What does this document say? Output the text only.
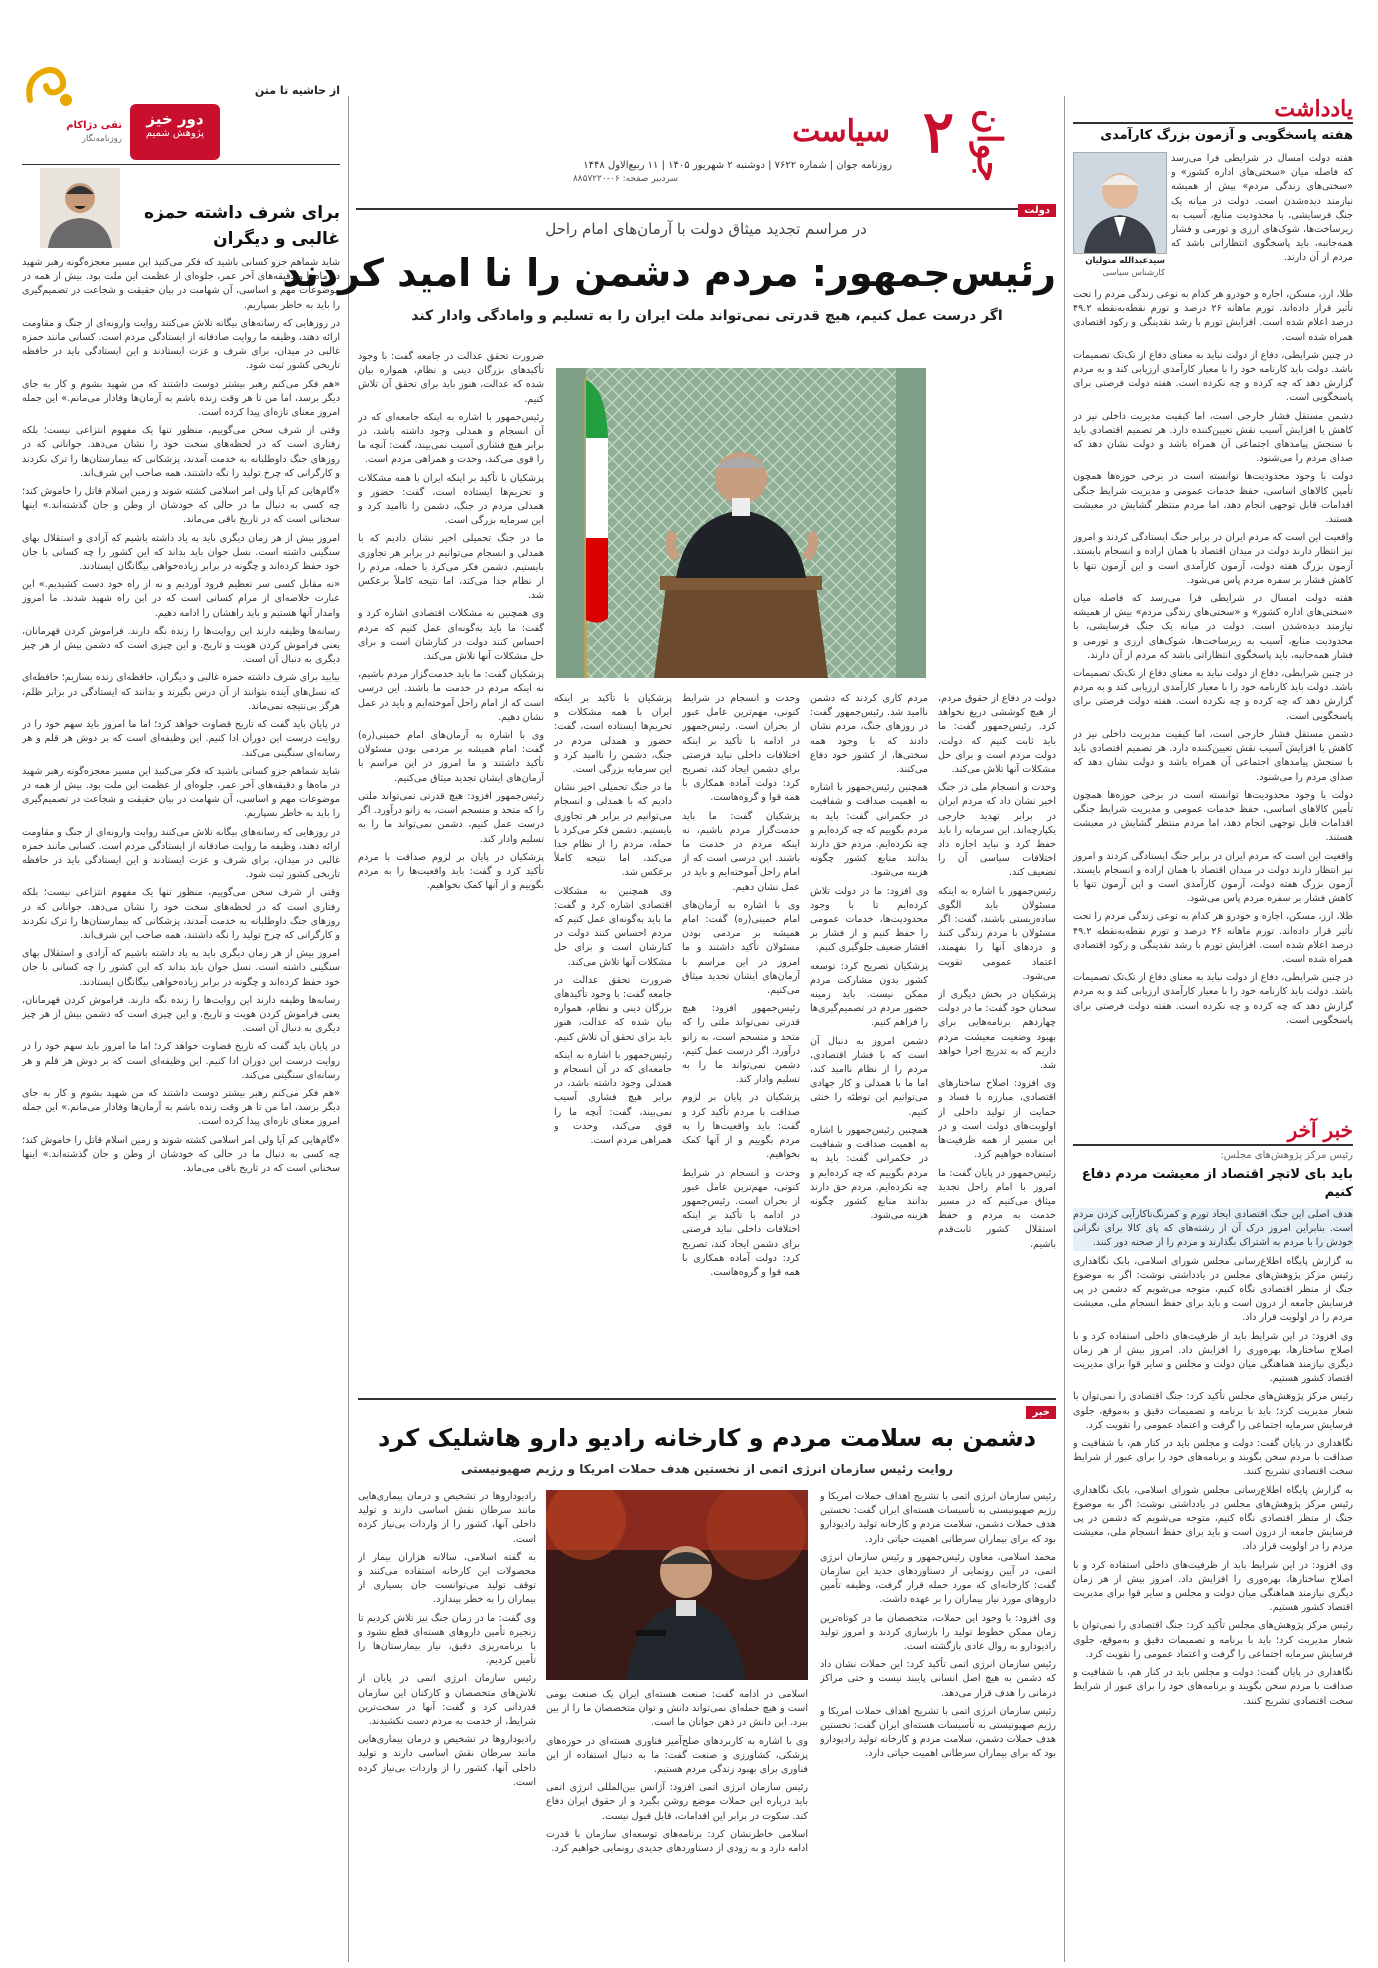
جوان
۲
سیاست
روزنامه جوان | شماره ۷۶۲۲ | دوشنبه ۲ شهریور ۱۴۰۵ | ۱۱ ربیع‌الاول ۱۴۴۸
سردبیر صفحه: ۰۶-۸۸۵۷۲۲۰
یادداشت
هفته پاسخگویی و آزمون بزرگ کارآمدی
سیدعبدالله متولیان
کارشناس سیاسی

هفته دولت امسال در شرایطی فرا می‌رسد که فاصله میان «سختی‌های اداره کشور» و «سختی‌های زندگی مردم» بیش از همیشه نیازمند دیده‌شدن است. دولت در میانه یک جنگ فرسایشی، با محدودیت منابع، آسیب به زیرساخت‌ها، شوک‌های ارزی و تورمی و فشار همه‌جانبه، باید پاسخگوی انتظاراتی باشد که مردم از آن دارند.

طلا، ارز، مسکن، اجاره و خودرو هر کدام به نوعی زندگی مردم را تحت تأثیر قرار داده‌اند. تورم ماهانه ۲۶ درصد و تورم نقطه‌به‌نقطه ۴۹.۲ درصد اعلام شده است. افزایش تورم با رشد نقدینگی و رکود اقتصادی همراه شده است.

در چنین شرایطی، دفاع از دولت نباید به معنای دفاع از تک‌تک تصمیمات باشد. دولت باید کارنامه خود را با معیار کارآمدی ارزیابی کند و به مردم گزارش دهد که چه کرده و چه نکرده است. هفته دولت فرصتی برای پاسخگویی است.

دشمن مستقل فشار خارجی است، اما کیفیت مدیریت داخلی نیز در کاهش یا افزایش آسیب نقش تعیین‌کننده دارد. هر تصمیم اقتصادی باید با سنجش پیامدهای اجتماعی آن همراه باشد و دولت نشان دهد که صدای مردم را می‌شنود.

دولت با وجود محدودیت‌ها توانسته است در برخی حوزه‌ها همچون تأمین کالاهای اساسی، حفظ خدمات عمومی و مدیریت شرایط جنگی اقدامات قابل توجهی انجام دهد، اما مردم منتظر گشایش در معیشت هستند.

واقعیت این است که مردم ایران در برابر جنگ ایستادگی کردند و امروز نیز انتظار دارند دولت در میدان اقتصاد با همان اراده و انسجام بایستد. آزمون بزرگ هفته دولت، آزمون کارآمدی است و این آزمون تنها با کاهش فشار بر سفره مردم پاس می‌شود.

هفته دولت امسال در شرایطی فرا می‌رسد که فاصله میان «سختی‌های اداره کشور» و «سختی‌های زندگی مردم» بیش از همیشه نیازمند دیده‌شدن است. دولت در میانه یک جنگ فرسایشی، با محدودیت منابع، آسیب به زیرساخت‌ها، شوک‌های ارزی و تورمی و فشار همه‌جانبه، باید پاسخگوی انتظاراتی باشد که مردم از آن دارند.

در چنین شرایطی، دفاع از دولت نباید به معنای دفاع از تک‌تک تصمیمات باشد. دولت باید کارنامه خود را با معیار کارآمدی ارزیابی کند و به مردم گزارش دهد که چه کرده و چه نکرده است. هفته دولت فرصتی برای پاسخگویی است.

دشمن مستقل فشار خارجی است، اما کیفیت مدیریت داخلی نیز در کاهش یا افزایش آسیب نقش تعیین‌کننده دارد. هر تصمیم اقتصادی باید با سنجش پیامدهای اجتماعی آن همراه باشد و دولت نشان دهد که صدای مردم را می‌شنود.

دولت با وجود محدودیت‌ها توانسته است در برخی حوزه‌ها همچون تأمین کالاهای اساسی، حفظ خدمات عمومی و مدیریت شرایط جنگی اقدامات قابل توجهی انجام دهد، اما مردم منتظر گشایش در معیشت هستند.

واقعیت این است که مردم ایران در برابر جنگ ایستادگی کردند و امروز نیز انتظار دارند دولت در میدان اقتصاد با همان اراده و انسجام بایستد. آزمون بزرگ هفته دولت، آزمون کارآمدی است و این آزمون تنها با کاهش فشار بر سفره مردم پاس می‌شود.

طلا، ارز، مسکن، اجاره و خودرو هر کدام به نوعی زندگی مردم را تحت تأثیر قرار داده‌اند. تورم ماهانه ۲۶ درصد و تورم نقطه‌به‌نقطه ۴۹.۲ درصد اعلام شده است. افزایش تورم با رشد نقدینگی و رکود اقتصادی همراه شده است.

در چنین شرایطی، دفاع از دولت نباید به معنای دفاع از تک‌تک تصمیمات باشد. دولت باید کارنامه خود را با معیار کارآمدی ارزیابی کند و به مردم گزارش دهد که چه کرده و چه نکرده است. هفته دولت فرصتی برای پاسخگویی است.

خبر آخر
رئیس مرکز پژوهش‌های مجلس:
باید بای لاتچر اقتصاد از معیشت مردم دفاع کنیم

هدف اصلی این جنگ اقتصادی ایجاد تورم و کمرنگ‌ناکارآیی کردن مردم است. بنابراین امروز درک آن از رشته‌های که پای کالا برای نگرانی خودش را با مردم به اشتراک بگذارند و مردم را از صحنه دور کنند.

به گزارش پایگاه اطلاع‌رسانی مجلس شورای اسلامی، بابک نگاهداری رئیس مرکز پژوهش‌های مجلس در یادداشتی نوشت: اگر به موضوع جنگ از منظر اقتصادی نگاه کنیم، متوجه می‌شویم که دشمن در پی فرسایش جامعه از درون است و باید برای حفظ انسجام ملی، معیشت مردم را در اولویت قرار داد.

وی افزود: در این شرایط باید از ظرفیت‌های داخلی استفاده کرد و با اصلاح ساختارها، بهره‌وری را افزایش داد. امروز بیش از هر زمان دیگری نیازمند هماهنگی میان دولت و مجلس و سایر قوا برای مدیریت اقتصاد کشور هستیم.

رئیس مرکز پژوهش‌های مجلس تأکید کرد: جنگ اقتصادی را نمی‌توان با شعار مدیریت کرد؛ باید با برنامه و تصمیمات دقیق و به‌موقع، جلوی فرسایش سرمایه اجتماعی را گرفت و اعتماد عمومی را تقویت کرد.

نگاهداری در پایان گفت: دولت و مجلس باید در کنار هم، با شفافیت و صداقت با مردم سخن بگویند و برنامه‌های خود را برای عبور از شرایط سخت اقتصادی تشریح کنند.

به گزارش پایگاه اطلاع‌رسانی مجلس شورای اسلامی، بابک نگاهداری رئیس مرکز پژوهش‌های مجلس در یادداشتی نوشت: اگر به موضوع جنگ از منظر اقتصادی نگاه کنیم، متوجه می‌شویم که دشمن در پی فرسایش جامعه از درون است و باید برای حفظ انسجام ملی، معیشت مردم را در اولویت قرار داد.

وی افزود: در این شرایط باید از ظرفیت‌های داخلی استفاده کرد و با اصلاح ساختارها، بهره‌وری را افزایش داد. امروز بیش از هر زمان دیگری نیازمند هماهنگی میان دولت و مجلس و سایر قوا برای مدیریت اقتصاد کشور هستیم.

رئیس مرکز پژوهش‌های مجلس تأکید کرد: جنگ اقتصادی را نمی‌توان با شعار مدیریت کرد؛ باید با برنامه و تصمیمات دقیق و به‌موقع، جلوی فرسایش سرمایه اجتماعی را گرفت و اعتماد عمومی را تقویت کرد.

نگاهداری در پایان گفت: دولت و مجلس باید در کنار هم، با شفافیت و صداقت با مردم سخن بگویند و برنامه‌های خود را برای عبور از شرایط سخت اقتصادی تشریح کنند.

از حاشیه تا متن
دور خیز
پژوهش شمیم
تقی دژاکام
روزنامه‌نگار
برای شرف داشته حمزه غالبی و دیگران

شاید شماهم جزو کسانی باشید که فکر می‌کنید این مسیر معجزه‌گونه رهبر شهید در ماه‌ها و دقیقه‌های آخر عمر، جلوه‌ای از عظمت این ملت بود. بیش از همه در موضوعات مهم و اساسی، آن شهامت در بیان حقیقت و شجاعت در تصمیم‌گیری را باید به خاطر بسپاریم.

در روزهایی که رسانه‌های بیگانه تلاش می‌کنند روایت وارونه‌ای از جنگ و مقاومت ارائه دهند، وظیفه ما روایت صادقانه از ایستادگی مردم است. کسانی مانند حمزه غالبی در میدان، برای شرف و عزت ایستادند و این ایستادگی باید در حافظه تاریخی کشور ثبت شود.

«هم فکر می‌کنم رهبر بیشتر دوست داشتند که من شهید بشوم و کار به جای دیگر برسد، اما من تا هر وقت زنده باشم به آرمان‌ها وفادار می‌مانم.» این جمله امروز معنای تازه‌ای پیدا کرده است.

وقتی از شرف سخن می‌گوییم، منظور تنها یک مفهوم انتزاعی نیست؛ بلکه رفتاری است که در لحظه‌های سخت خود را نشان می‌دهد. جوانانی که در روزهای جنگ داوطلبانه به خدمت آمدند، پزشکانی که بیمارستان‌ها را ترک نکردند و کارگرانی که چرخ تولید را نگه داشتند، همه صاحب این شرف‌اند.

«گام‌هایی کم آیا ولی امر اسلامی کشته شوند و زمین اسلام قاتل را خاموش کند؛ چه کسی به دنبال ما در حالی که خودشان از وطن و جان گذشته‌اند.» اینها سخنانی است که در تاریخ باقی می‌ماند.

امروز بیش از هر زمان دیگری باید به یاد داشته باشیم که آزادی و استقلال بهای سنگینی داشته است. نسل جوان باید بداند که این کشور را چه کسانی با جان خود حفظ کرده‌اند و چگونه در برابر زیاده‌خواهی بیگانگان ایستادند.

«نه مقابل کسی سر تعظیم فرود آوردیم و نه از راه خود دست کشیدیم.» این عبارت خلاصه‌ای از مرام کسانی است که در این راه شهید شدند. ما امروز وامدار آنها هستیم و باید راهشان را ادامه دهیم.

رسانه‌ها وظیفه دارند این روایت‌ها را زنده نگه دارند. فراموش کردن قهرمانان، یعنی فراموش کردن هویت و تاریخ. و این چیزی است که دشمن بیش از هر چیز دیگری به دنبال آن است.

بیایید برای شرف داشته حمزه غالبی و دیگران، حافظه‌ای زنده بسازیم؛ حافظه‌ای که نسل‌های آینده بتوانند از آن درس بگیرند و بدانند که ایستادگی در برابر ظلم، هرگز بی‌نتیجه نمی‌ماند.

در پایان باید گفت که تاریخ قضاوت خواهد کرد؛ اما ما امروز باید سهم خود را در روایت درست این دوران ادا کنیم. این وظیفه‌ای است که بر دوش هر قلم و هر رسانه‌ای سنگینی می‌کند.

شاید شماهم جزو کسانی باشید که فکر می‌کنید این مسیر معجزه‌گونه رهبر شهید در ماه‌ها و دقیقه‌های آخر عمر، جلوه‌ای از عظمت این ملت بود. بیش از همه در موضوعات مهم و اساسی، آن شهامت در بیان حقیقت و شجاعت در تصمیم‌گیری را باید به خاطر بسپاریم.

در روزهایی که رسانه‌های بیگانه تلاش می‌کنند روایت وارونه‌ای از جنگ و مقاومت ارائه دهند، وظیفه ما روایت صادقانه از ایستادگی مردم است. کسانی مانند حمزه غالبی در میدان، برای شرف و عزت ایستادند و این ایستادگی باید در حافظه تاریخی کشور ثبت شود.

وقتی از شرف سخن می‌گوییم، منظور تنها یک مفهوم انتزاعی نیست؛ بلکه رفتاری است که در لحظه‌های سخت خود را نشان می‌دهد. جوانانی که در روزهای جنگ داوطلبانه به خدمت آمدند، پزشکانی که بیمارستان‌ها را ترک نکردند و کارگرانی که چرخ تولید را نگه داشتند، همه صاحب این شرف‌اند.

امروز بیش از هر زمان دیگری باید به یاد داشته باشیم که آزادی و استقلال بهای سنگینی داشته است. نسل جوان باید بداند که این کشور را چه کسانی با جان خود حفظ کرده‌اند و چگونه در برابر زیاده‌خواهی بیگانگان ایستادند.

رسانه‌ها وظیفه دارند این روایت‌ها را زنده نگه دارند. فراموش کردن قهرمانان، یعنی فراموش کردن هویت و تاریخ. و این چیزی است که دشمن بیش از هر چیز دیگری به دنبال آن است.

در پایان باید گفت که تاریخ قضاوت خواهد کرد؛ اما ما امروز باید سهم خود را در روایت درست این دوران ادا کنیم. این وظیفه‌ای است که بر دوش هر قلم و هر رسانه‌ای سنگینی می‌کند.

«هم فکر می‌کنم رهبر بیشتر دوست داشتند که من شهید بشوم و کار به جای دیگر برسد، اما من تا هر وقت زنده باشم به آرمان‌ها وفادار می‌مانم.» این جمله امروز معنای تازه‌ای پیدا کرده است.

«گام‌هایی کم آیا ولی امر اسلامی کشته شوند و زمین اسلام قاتل را خاموش کند؛ چه کسی به دنبال ما در حالی که خودشان از وطن و جان گذشته‌اند.» اینها سخنانی است که در تاریخ باقی می‌ماند.

دولت
در مراسم تجدید میثاق دولت با آرمان‌های امام راحل
رئیس‌جمهور: مردم دشمن را نا امید کردند
اگر درست عمل کنیم، هیچ قدرتی نمی‌تواند ملت ایران را به تسلیم و وامادگی وادار کند

دولت در دفاع از حقوق مردم، از هیچ کوششی دریغ نخواهد کرد. رئیس‌جمهور گفت: ما باید ثابت کنیم که دولت، دولت مردم است و برای حل مشکلات آنها تلاش می‌کند.

وحدت و انسجام ملی در جنگ اخیر نشان داد که مردم ایران در برابر تهدید خارجی یکپارچه‌اند. این سرمایه را باید حفظ کرد و نباید اجازه داد اختلافات سیاسی آن را تضعیف کند.

رئیس‌جمهور با اشاره به اینکه مسئولان باید الگوی ساده‌زیستی باشند، گفت: اگر مسئولان با مردم زندگی کنند و دردهای آنها را بفهمند، اعتماد عمومی تقویت می‌شود.

پزشکیان در بخش دیگری از سخنان خود گفت: ما در دولت چهاردهم برنامه‌هایی برای بهبود وضعیت معیشت مردم داریم که به تدریج اجرا خواهد شد.

وی افزود: اصلاح ساختارهای اقتصادی، مبارزه با فساد و حمایت از تولید داخلی از اولویت‌های دولت است و در این مسیر از همه ظرفیت‌ها استفاده خواهیم کرد.

رئیس‌جمهور در پایان گفت: ما امروز با امام راحل تجدید میثاق می‌کنیم که در مسیر خدمت به مردم و حفظ استقلال کشور ثابت‌قدم باشیم.

مردم کاری کردند که دشمن ناامید شد. رئیس‌جمهور گفت: در روزهای جنگ، مردم نشان دادند که با وجود همه سختی‌ها، از کشور خود دفاع می‌کنند.

همچنین رئیس‌جمهور با اشاره به اهمیت صداقت و شفافیت در حکمرانی گفت: باید به مردم بگوییم که چه کرده‌ایم و چه نکرده‌ایم. مردم حق دارند بدانند منابع کشور چگونه هزینه می‌شود.

وی افزود: ما در دولت تلاش کرده‌ایم تا با وجود محدودیت‌ها، خدمات عمومی را حفظ کنیم و از فشار بر اقشار ضعیف جلوگیری کنیم.

پزشکیان تصریح کرد: توسعه کشور بدون مشارکت مردم ممکن نیست. باید زمینه حضور مردم در تصمیم‌گیری‌ها را فراهم کنیم.

دشمن امروز به دنبال آن است که با فشار اقتصادی، مردم را از نظام ناامید کند، اما ما با همدلی و کار جهادی می‌توانیم این توطئه را خنثی کنیم.

همچنین رئیس‌جمهور با اشاره به اهمیت صداقت و شفافیت در حکمرانی گفت: باید به مردم بگوییم که چه کرده‌ایم و چه نکرده‌ایم. مردم حق دارند بدانند منابع کشور چگونه هزینه می‌شود.

وحدت و انسجام در شرایط کنونی، مهم‌ترین عامل عبور از بحران است. رئیس‌جمهور در ادامه با تأکید بر اینکه اختلافات داخلی نباید فرصتی برای دشمن ایجاد کند، تصریح کرد: دولت آماده همکاری با همه قوا و گروه‌هاست.

پزشکیان گفت: ما باید خدمت‌گزار مردم باشیم، نه اینکه مردم در خدمت ما باشند. این درسی است که از امام راحل آموخته‌ایم و باید در عمل نشان دهیم.

وی با اشاره به آرمان‌های امام خمینی(ره) گفت: امام همیشه بر مردمی بودن مسئولان تأکید داشتند و ما امروز در این مراسم با آرمان‌های ایشان تجدید میثاق می‌کنیم.

رئیس‌جمهور افزود: هیچ قدرتی نمی‌تواند ملتی را که متحد و منسجم است، به زانو درآورد. اگر درست عمل کنیم، دشمن نمی‌تواند ما را به تسلیم وادار کند.

پزشکیان در پایان بر لزوم صداقت با مردم تأکید کرد و گفت: باید واقعیت‌ها را به مردم بگوییم و از آنها کمک بخواهیم.

وحدت و انسجام در شرایط کنونی، مهم‌ترین عامل عبور از بحران است. رئیس‌جمهور در ادامه با تأکید بر اینکه اختلافات داخلی نباید فرصتی برای دشمن ایجاد کند، تصریح کرد: دولت آماده همکاری با همه قوا و گروه‌هاست.

پزشکیان با تأکید بر اینکه ایران با همه مشکلات و تحریم‌ها ایستاده است، گفت: حضور و همدلی مردم در جنگ، دشمن را ناامید کرد و این سرمایه بزرگی است.

ما در جنگ تحمیلی اخیر نشان دادیم که با همدلی و انسجام می‌توانیم در برابر هر تجاوزی بایستیم. دشمن فکر می‌کرد با حمله، مردم را از نظام جدا می‌کند، اما نتیجه کاملاً برعکس شد.

وی همچنین به مشکلات اقتصادی اشاره کرد و گفت: ما باید به‌گونه‌ای عمل کنیم که مردم احساس کنند دولت در کنارشان است و برای حل مشکلات آنها تلاش می‌کند.

ضرورت تحقق عدالت در جامعه گفت: با وجود تأکیدهای بزرگان دینی و نظام، همواره بیان شده که عدالت، هنوز باید برای تحقق آن تلاش کنیم.

رئیس‌جمهور با اشاره به اینکه جامعه‌ای که در آن انسجام و همدلی وجود داشته باشد، در برابر هیچ فشاری آسیب نمی‌بیند، گفت: آنچه ما را قوی می‌کند، وحدت و همراهی مردم است.

ضرورت تحقق عدالت در جامعه گفت: با وجود تأکیدهای بزرگان دینی و نظام، همواره بیان شده که عدالت، هنوز باید برای تحقق آن تلاش کنیم.

رئیس‌جمهور با اشاره به اینکه جامعه‌ای که در آن انسجام و همدلی وجود داشته باشد، در برابر هیچ فشاری آسیب نمی‌بیند، گفت: آنچه ما را قوی می‌کند، وحدت و همراهی مردم است.

پزشکیان با تأکید بر اینکه ایران با همه مشکلات و تحریم‌ها ایستاده است، گفت: حضور و همدلی مردم در جنگ، دشمن را ناامید کرد و این سرمایه بزرگی است.

ما در جنگ تحمیلی اخیر نشان دادیم که با همدلی و انسجام می‌توانیم در برابر هر تجاوزی بایستیم. دشمن فکر می‌کرد با حمله، مردم را از نظام جدا می‌کند، اما نتیجه کاملاً برعکس شد.

وی همچنین به مشکلات اقتصادی اشاره کرد و گفت: ما باید به‌گونه‌ای عمل کنیم که مردم احساس کنند دولت در کنارشان است و برای حل مشکلات آنها تلاش می‌کند.

پزشکیان گفت: ما باید خدمت‌گزار مردم باشیم، نه اینکه مردم در خدمت ما باشند. این درسی است که از امام راحل آموخته‌ایم و باید در عمل نشان دهیم.

وی با اشاره به آرمان‌های امام خمینی(ره) گفت: امام همیشه بر مردمی بودن مسئولان تأکید داشتند و ما امروز در این مراسم با آرمان‌های ایشان تجدید میثاق می‌کنیم.

رئیس‌جمهور افزود: هیچ قدرتی نمی‌تواند ملتی را که متحد و منسجم است، به زانو درآورد. اگر درست عمل کنیم، دشمن نمی‌تواند ما را به تسلیم وادار کند.

پزشکیان در پایان بر لزوم صداقت با مردم تأکید کرد و گفت: باید واقعیت‌ها را به مردم بگوییم و از آنها کمک بخواهیم.

خبر
دشمن به سلامت مردم و کارخانه رادیو دارو هاشلیک کرد
روایت رئیس سازمان انرژی اتمی از نخستین هدف حملات امریکا و رژیم صهیونیستی

رئیس سازمان انرژی اتمی با تشریح اهداف حملات امریکا و رژیم صهیونیستی به تأسیسات هسته‌ای ایران گفت: نخستین هدف حملات دشمن، سلامت مردم و کارخانه تولید رادیودارو بود که برای بیماران سرطانی اهمیت حیاتی دارد.

محمد اسلامی، معاون رئیس‌جمهور و رئیس سازمان انرژی اتمی، در آیین رونمایی از دستاوردهای جدید این سازمان گفت: کارخانه‌ای که مورد حمله قرار گرفت، وظیفه تأمین داروهای مورد نیاز بیماران را بر عهده داشت.

وی افزود: با وجود این حملات، متخصصان ما در کوتاه‌ترین زمان ممکن خطوط تولید را بازسازی کردند و امروز تولید رادیودارو به روال عادی بازگشته است.

رئیس سازمان انرژی اتمی تأکید کرد: این حملات نشان داد که دشمن به هیچ اصل انسانی پایبند نیست و حتی مراکز درمانی را هدف قرار می‌دهد.

رئیس سازمان انرژی اتمی با تشریح اهداف حملات امریکا و رژیم صهیونیستی به تأسیسات هسته‌ای ایران گفت: نخستین هدف حملات دشمن، سلامت مردم و کارخانه تولید رادیودارو بود که برای بیماران سرطانی اهمیت حیاتی دارد.

اسلامی در ادامه گفت: صنعت هسته‌ای ایران یک صنعت بومی است و هیچ حمله‌ای نمی‌تواند دانش و توان متخصصان ما را از بین ببرد. این دانش در ذهن جوانان ما است.

وی با اشاره به کاربردهای صلح‌آمیز فناوری هسته‌ای در حوزه‌های پزشکی، کشاورزی و صنعت گفت: ما به دنبال استفاده از این فناوری برای بهبود زندگی مردم هستیم.

رئیس سازمان انرژی اتمی افزود: آژانس بین‌المللی انرژی اتمی باید درباره این حملات موضع روشن بگیرد و از حقوق ایران دفاع کند. سکوت در برابر این اقدامات، قابل قبول نیست.

اسلامی خاطرنشان کرد: برنامه‌های توسعه‌ای سازمان با قدرت ادامه دارد و به زودی از دستاوردهای جدیدی رونمایی خواهیم کرد.

رادیوداروها در تشخیص و درمان بیماری‌هایی مانند سرطان نقش اساسی دارند و تولید داخلی آنها، کشور را از واردات بی‌نیاز کرده است.

به گفته اسلامی، سالانه هزاران بیمار از محصولات این کارخانه استفاده می‌کنند و توقف تولید می‌توانست جان بسیاری از بیماران را به خطر بیندازد.

وی گفت: ما در زمان جنگ نیز تلاش کردیم تا زنجیره تأمین داروهای هسته‌ای قطع نشود و با برنامه‌ریزی دقیق، نیاز بیمارستان‌ها را تأمین کردیم.

رئیس سازمان انرژی اتمی در پایان از تلاش‌های متخصصان و کارکنان این سازمان قدردانی کرد و گفت: آنها در سخت‌ترین شرایط، از خدمت به مردم دست نکشیدند.

رادیوداروها در تشخیص و درمان بیماری‌هایی مانند سرطان نقش اساسی دارند و تولید داخلی آنها، کشور را از واردات بی‌نیاز کرده است.
